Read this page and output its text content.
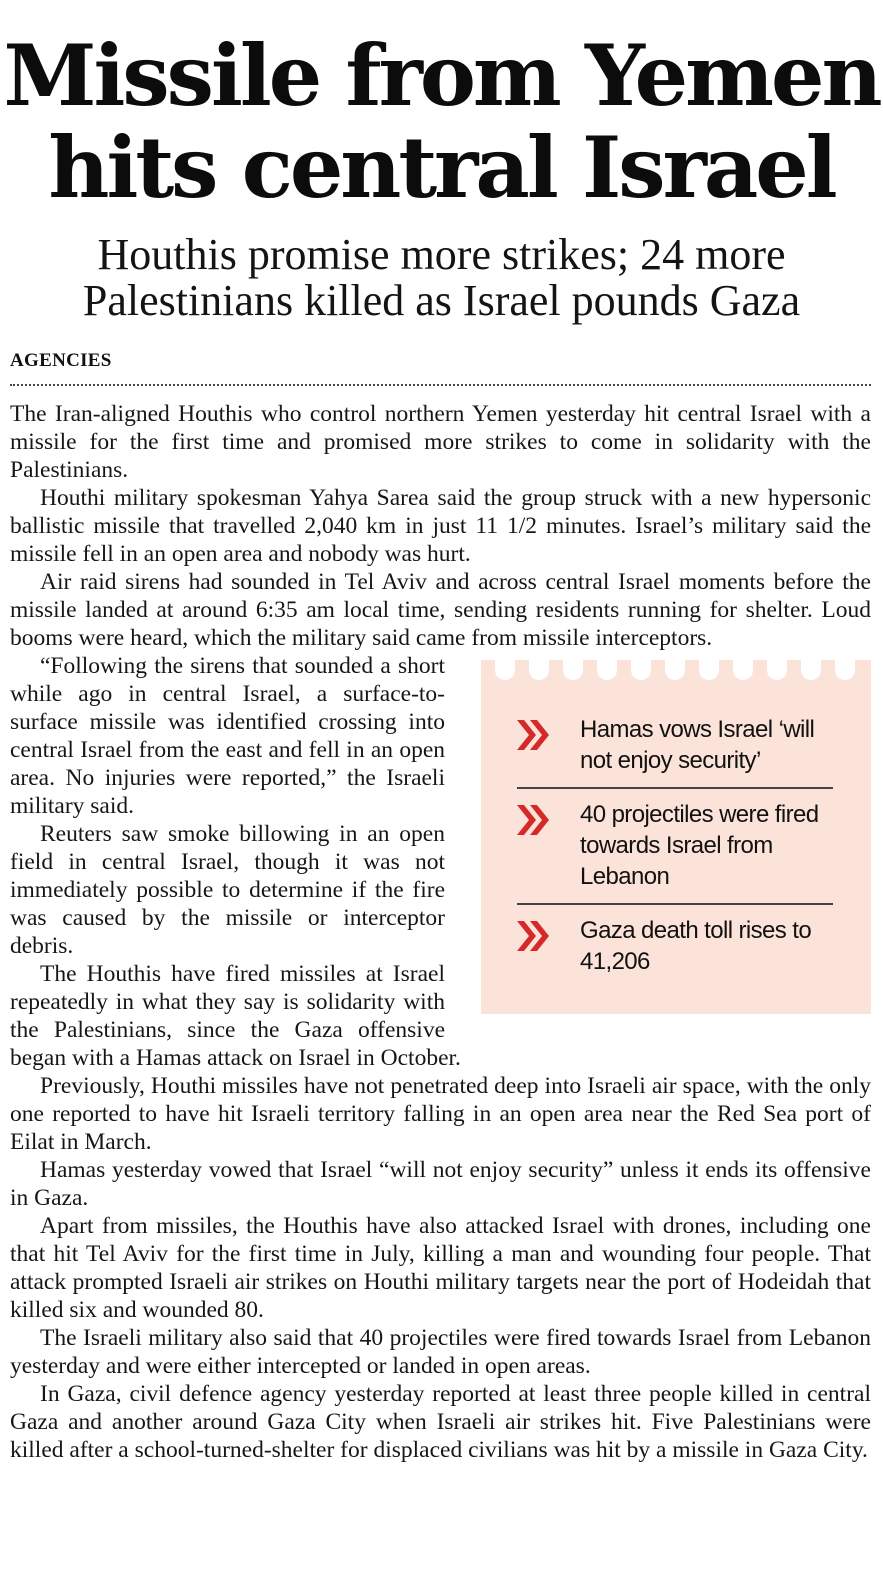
Missile from Yemen
hits central Israel
Houthis promise more strikes; 24 more
Palestinians killed as Israel pounds Gaza
AGENCIES

The Iran-aligned Houthis who control northern Yemen yesterday hit central Israel with a missile for the first time and promised more strikes to come in solidarity with the Palestinians.

Houthi military spokesman Yahya Sarea said the group struck with a new hypersonic ballistic missile that travelled 2,040 km in just 11 1/2 minutes. Israel’s military said the missile fell in an open area and nobody was hurt.

Air raid sirens had sounded in Tel Aviv and across central Israel moments before the missile landed at around 6:35 am local time, sending residents running for shelter. Loud booms were heard, which the military said came from missile interceptors.

Hamas vows Israel ‘will not enjoy security’
40 projectiles were fired towards Israel from Lebanon
Gaza death toll rises to 41,206

“Following the sirens that sounded a short while ago in central Israel, a surface-to-surface missile was identified crossing into central Israel from the east and fell in an open area. No injuries were reported,” the Israeli military said.

Reuters saw smoke billowing in an open field in central Israel, though it was not immediately possible to determine if the fire was caused by the missile or interceptor debris.

The Houthis have fired missiles at Israel repeatedly in what they say is solidarity with the Palestinians, since the Gaza offensive began with a Hamas attack on Israel in October.

Previously, Houthi missiles have not penetrated deep into Israeli air space, with the only one reported to have hit Israeli territory falling in an open area near the Red Sea port of Eilat in March.

Hamas yesterday vowed that Israel “will not enjoy security” unless it ends its offensive in Gaza.

Apart from missiles, the Houthis have also attacked Israel with drones, including one that hit Tel Aviv for the first time in July, killing a man and wounding four people. That attack prompted Israeli air strikes on Houthi military targets near the port of Hodeidah that killed six and wounded 80.

The Israeli military also said that 40 projectiles were fired towards Israel from Lebanon yesterday and were either intercepted or landed in open areas.

In Gaza, civil defence agency yesterday reported at least three people killed in central Gaza and another around Gaza City when Israeli air strikes hit. Five Palestinians were killed after a school-turned-shelter for displaced civilians was hit by a missile in Gaza City.
